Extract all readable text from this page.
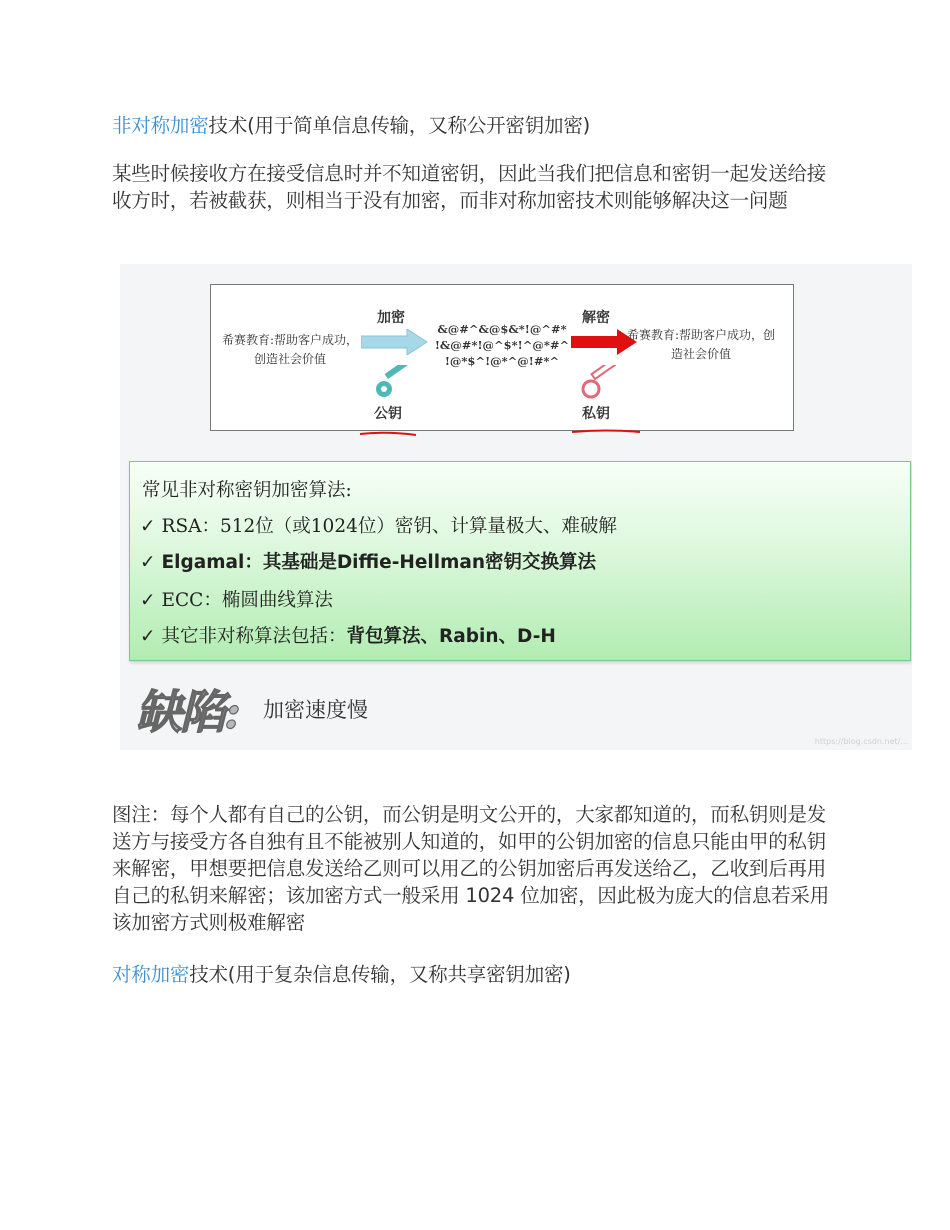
非对称加密技术(用于简单信息传输，又称公开密钥加密)
某些时候接收方在接受信息时并不知道密钥，因此当我们把信息和密钥一起发送给接收方时，若被截获，则相当于没有加密，而非对称加密技术则能够解决这一问题
希赛教育:帮助客户成功，创造社会价值
加密
&@#^&@$&*!@^#*
!&@#*!@^$*!^@*#^
!@*$^!@*^@!#*^
解密
希赛教育:帮助客户成功，创造社会价值
公钥	私钥
常见非对称密钥加密算法:
✓ RSA：512位（或1024位）密钥、计算量极大、难破解
✓ Elgamal：其基础是Diffie-Hellman密钥交换算法
✓ ECC：椭圆曲线算法
✓ 其它非对称算法包括：背包算法、Rabin、D-H
缺陷: 加密速度慢
https://blog.csdn.net/...
图注：每个人都有自己的公钥，而公钥是明文公开的，大家都知道的，而私钥则是发送方与接受方各自独有且不能被别人知道的，如甲的公钥加密的信息只能由甲的私钥来解密，甲想要把信息发送给乙则可以用乙的公钥加密后再发送给乙，乙收到后再用自己的私钥来解密；该加密方式一般采用 1024 位加密，因此极为庞大的信息若采用该加密方式则极难解密
对称加密技术(用于复杂信息传输，又称共享密钥加密)
